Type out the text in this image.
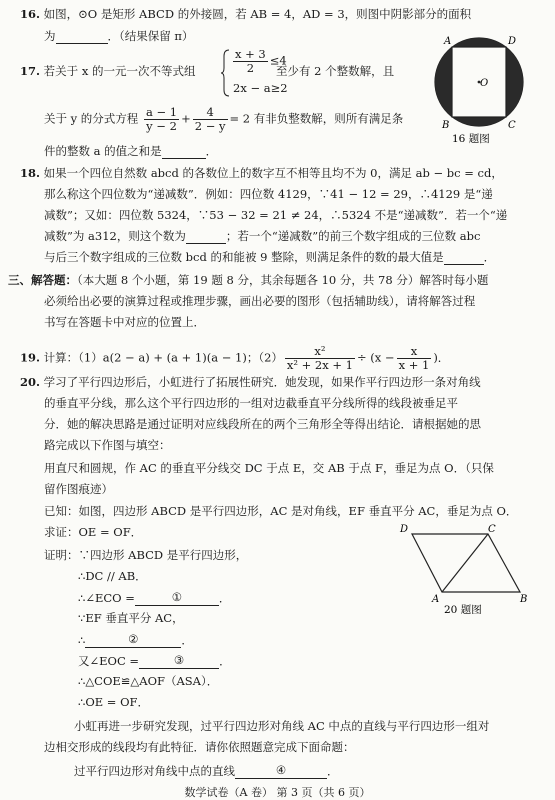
16. 如图，⊙O 是矩形 ABCD 的外接圆，若 AB = 4，AD = 3，则图中阴影部分的面积
为	．（结果保留 π）	A	D
B	C
O
16 题图
17. 若关于 x 的一元一次不等式组	$\frac{x + 3}{2} \le 4$
2x − a≥2
至少有 2 个整数解，且
关于 y 的分式方程 $\frac{a - 1}{y - 2} + \frac{4}{2 - y} = 2$ 有非负整数解，则所有满足条
件的整数 a 的值之和是	．
18. 如果一个四位自然数 abcd 的各数位上的数字互不相等且均不为 0，满足 ab − bc = cd，
那么称这个四位数为“递减数”．例如：四位数 4129，∵41 − 12 = 29，∴4129 是“递
减数”；又如：四位数 5324，∵53 − 32 = 21 ≠ 24，∴5324 不是“递减数”．若一个“递
减数”为 a312，则这个数为	；若一个“递减数”的前三个数字组成的三位数 abc
与后三个数字组成的三位数 bcd 的和能被 9 整除，则满足条件的数的最大值是	．
三、解答题：（本大题 8 个小题，第 19 题 8 分，其余每题各 10 分，共 78 分）解答时每小题
必须给出必要的演算过程或推理步骤，画出必要的图形（包括辅助线），请将解答过程
书写在答题卡中对应的位置上．
19. 计算：（1）a(2 − a) + (a + 1)(a − 1)；$(2) \frac{\text{x²}}{\text{x² + 2x + 1}} \div (x - \frac{x}{x + 1}$ )．
20. 学习了平行四边形后，小虹进行了拓展性研究．她发现，如果作平行四边形一条对角线
的垂直平分线，那么这个平行四边形的一组对边截垂直平分线所得的线段被垂足平
分．她的解决思路是通过证明对应线段所在的两个三角形全等得出结论．请根据她的思
路完成以下作图与填空：
用直尺和圆规，作 AC 的垂直平分线交 DC 于点 E，交 AB 于点 F，垂足为点 O．（只保
留作图痕迹）
已知：如图，四边形 ABCD 是平行四边形，AC 是对角线，EF 垂直平分 AC，垂足为点 O．
求证：OE = OF．
证明：∵四边形 ABCD 是平行四边形，
∴DC // AB．
∴∠ECO =	①	．
∵EF 垂直平分 AC，
∴	②	．
又∠EOC =	③	．
∴△COE≌△AOF（ASA）．
∴OE = OF．
D	C
A	B
20 题图
小虹再进一步研究发现，过平行四边形对角线 AC 中点的直线与平行四边形一组对
边相交形成的线段均有此特征．请你依照题意完成下面命题：
过平行四边形对角线中点的直线	④	．
数学试卷（A 卷） 第 3 页（共 6 页）
